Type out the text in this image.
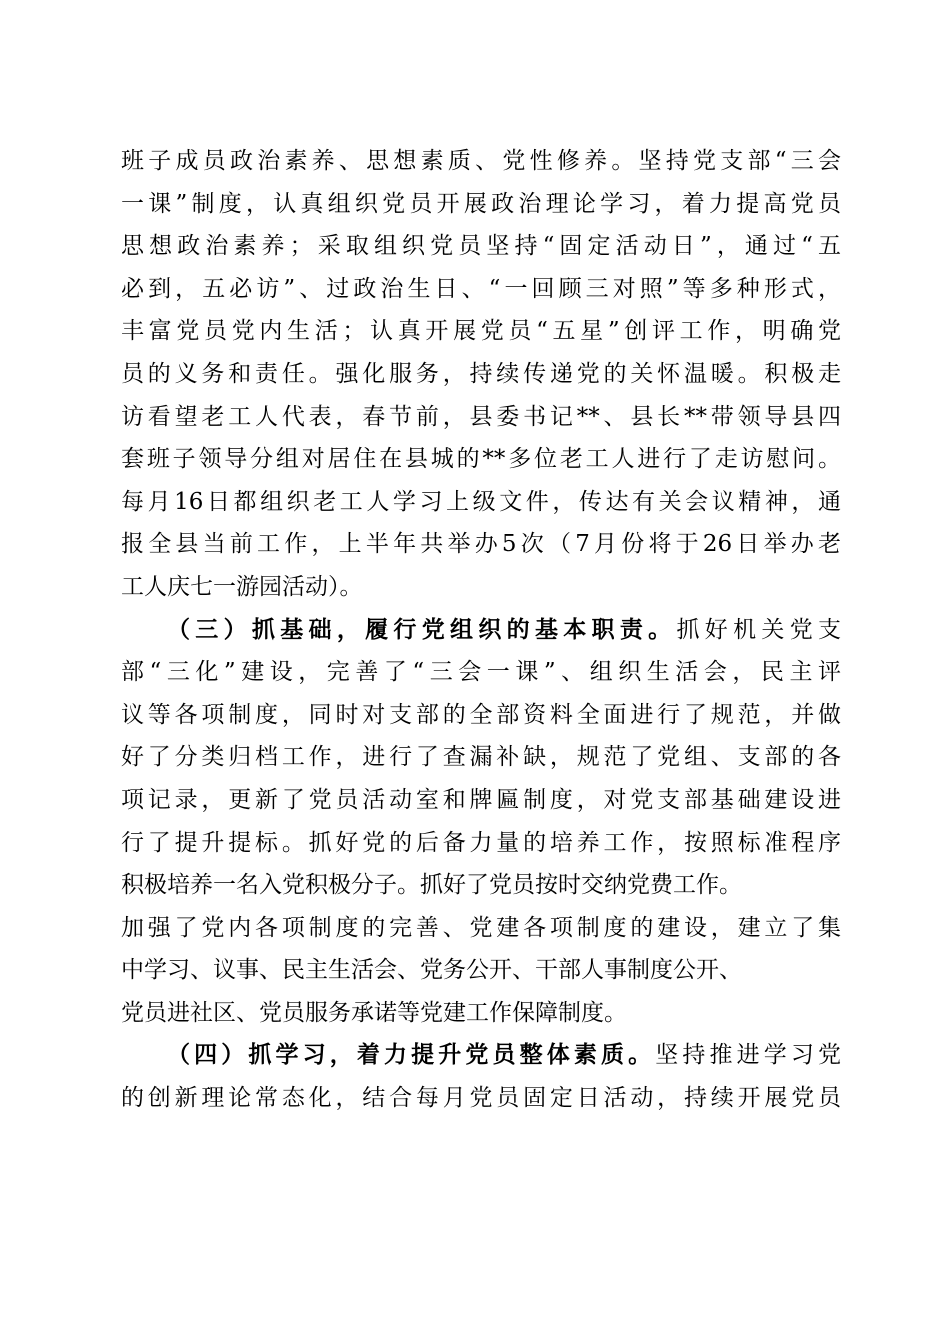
班子成员政治素养、思想素质、党性修养。坚持党支部“三会
一课”制度，认真组织党员开展政治理论学习，着力提高党员
思想政治素养；采取组织党员坚持“固定活动日”，通过“五
必到，五必访”、过政治生日、“一回顾三对照”等多种形式，
丰富党员党内生活；认真开展党员“五星”创评工作，明确党
员的义务和责任。强化服务，持续传递党的关怀温暖。积极走
访看望老工人代表，春节前，县委书记**、县长**带领导县四
套班子领导分组对居住在县城的**多位老工人进行了走访慰问。
每月16日都组织老工人学习上级文件，传达有关会议精神，通
报全县当前工作，上半年共举办5次（7月份将于26日举办老
工人庆七一游园活动）。
（三）抓基础，履行党组织的基本职责。抓好机关党支
部“三化”建设，完善了“三会一课”、组织生活会，民主评
议等各项制度，同时对支部的全部资料全面进行了规范，并做
好了分类归档工作，进行了查漏补缺，规范了党组、支部的各
项记录，更新了党员活动室和牌匾制度，对党支部基础建设进
行了提升提标。抓好党的后备力量的培养工作，按照标准程序
积极培养一名入党积极分子。抓好了党员按时交纳党费工作。
加强了党内各项制度的完善、党建各项制度的建设，建立了集
中学习、议事、民主生活会、党务公开、干部人事制度公开、
党员进社区、党员服务承诺等党建工作保障制度。
（四）抓学习，着力提升党员整体素质。坚持推进学习党
的创新理论常态化，结合每月党员固定日活动，持续开展党员
